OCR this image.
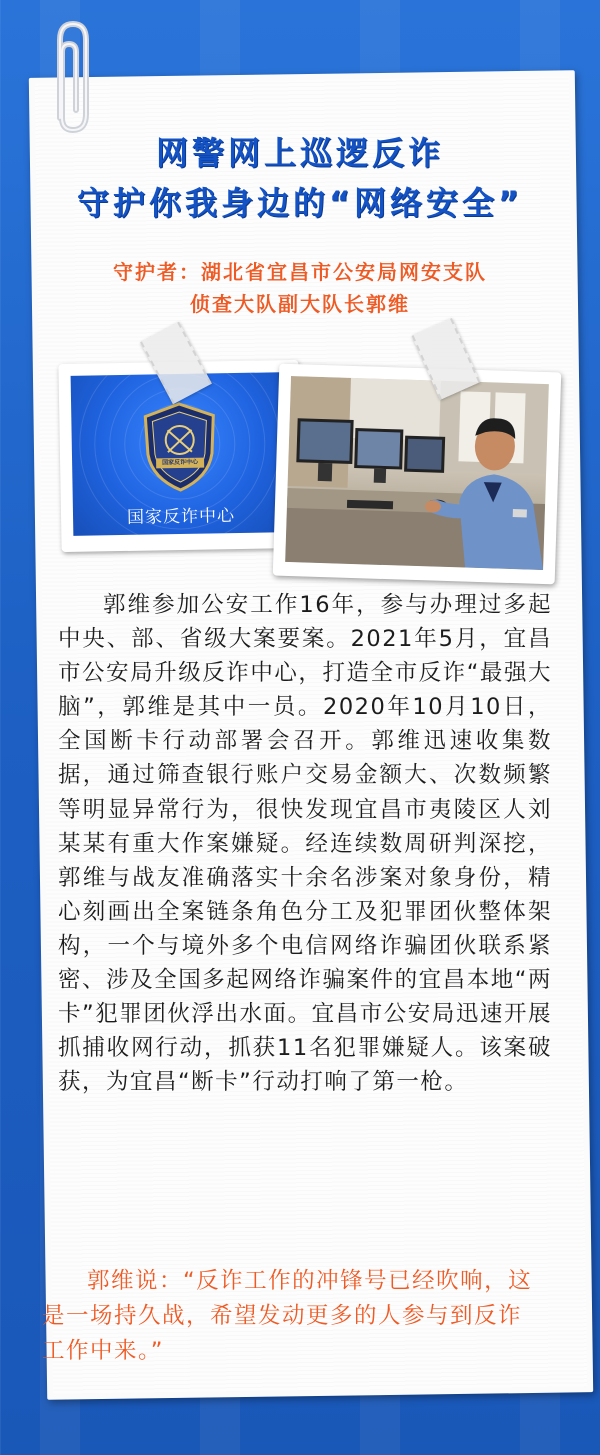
网警网上巡逻反诈
守护你我身边的“网络安全”
守护者：湖北省宜昌市公安局网安支队
侦查大队副大队长郭维
国家反诈中心
国家反诈中心
郭维参加公安工作16年，参与办理过多起中央、部、省级大案要案。2021年5月，宜昌市公安局升级反诈中心，打造全市反诈“最强大脑”，郭维是其中一员。2020年10月10日，全国断卡行动部署会召开。郭维迅速收集数据，通过筛查银行账户交易金额大、次数频繁等明显异常行为，很快发现宜昌市夷陵区人刘某某有重大作案嫌疑。经连续数周研判深挖，郭维与战友准确落实十余名涉案对象身份，精心刻画出全案链条角色分工及犯罪团伙整体架构，一个与境外多个电信网络诈骗团伙联系紧密、涉及全国多起网络诈骗案件的宜昌本地“两卡”犯罪团伙浮出水面。宜昌市公安局迅速开展抓捕收网行动，抓获11名犯罪嫌疑人。该案破获，为宜昌“断卡”行动打响了第一枪。
郭维说：“反诈工作的冲锋号已经吹响，这是一场持久战，希望发动更多的人参与到反诈工作中来。”
